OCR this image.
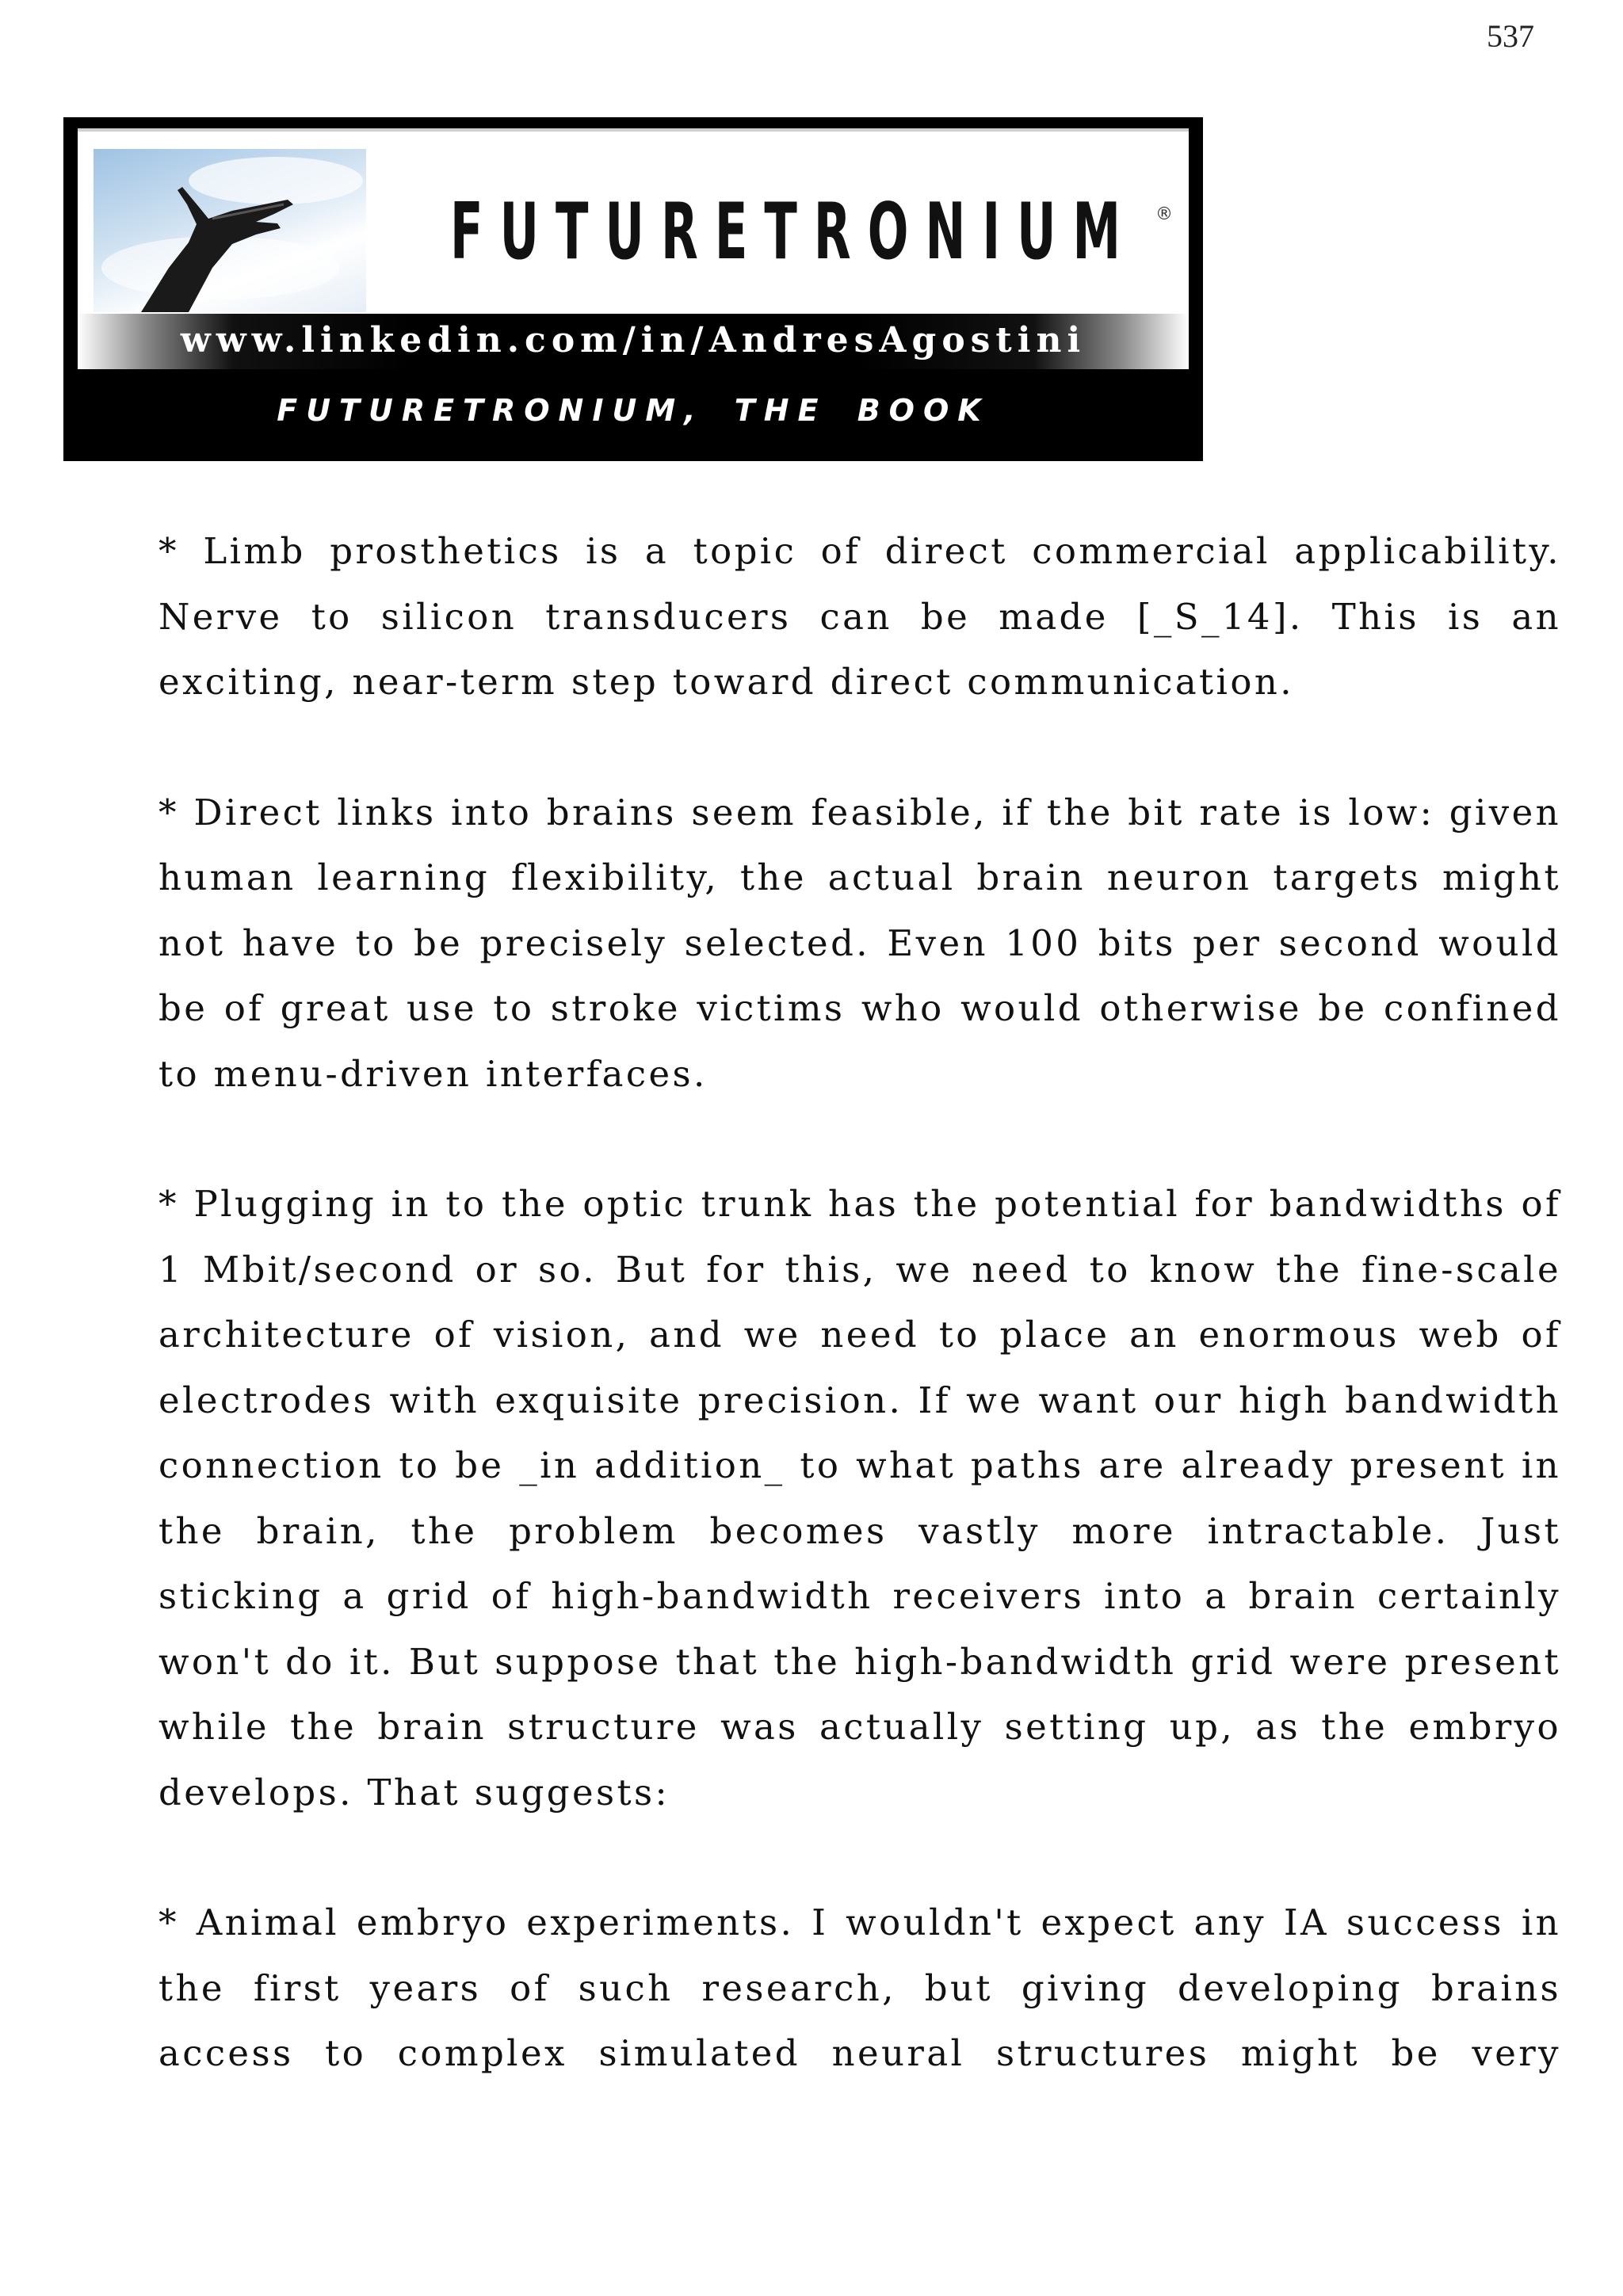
537
FUTURETRONIUM ®
www.linkedin.com/in/AndresAgostini
FUTURETRONIUM, THE BOOK

* Limb prosthetics is a topic of direct commercial applicability. Nerve to silicon transducers can be made [_S_14]. This is an exciting, near-term step toward direct communication.

* Direct links into brains seem feasible, if the bit rate is low: given human learning flexibility, the actual brain neuron targets might not have to be precisely selected. Even 100 bits per second would be of great use to stroke victims who would otherwise be confined to menu-driven interfaces.

* Plugging in to the optic trunk has the potential for bandwidths of 1 Mbit/second or so. But for this, we need to know the fine-scale architecture of vision, and we need to place an enormous web of electrodes with exquisite precision. If we want our high bandwidth connection to be _in addition_ to what paths are already present in the brain, the problem becomes vastly more intractable. Just sticking a grid of high-bandwidth receivers into a brain certainly won't do it. But suppose that the high-bandwidth grid were present while the brain structure was actually setting up, as the embryo develops. That suggests:

* Animal embryo experiments. I wouldn't expect any IA success in the first years of such research, but giving developing brains access to complex simulated neural structures might be very
